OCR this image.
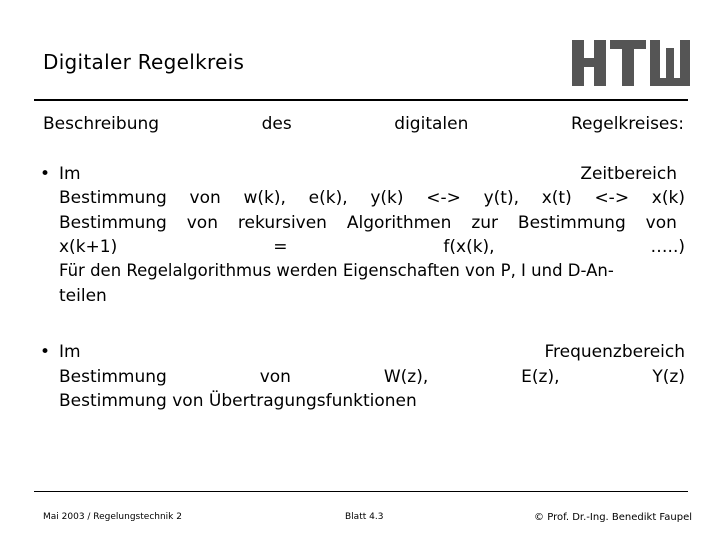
Digitaler Regelkreis
Beschreibung	des	digitalen	Regelkreises:
• Im	Zeitbereich
Bestimmung von w(k), e(k), y(k) <-> y(t), x(t) <-> x(k)
Bestimmung von rekursiven Algorithmen zur Bestimmung von
x(k+1)	=	f(x(k),	…..)
Für den Regelalgorithmus werden Eigenschaften von P, I und D-An-
teilen
• Im	Frequenzbereich
Bestimmung	von	W(z),	E(z),	Y(z)
Bestimmung von Übertragungsfunktionen
Mai 2003 / Regelungstechnik 2	Blatt 4.3	© Prof. Dr.-Ing. Benedikt Faupel
